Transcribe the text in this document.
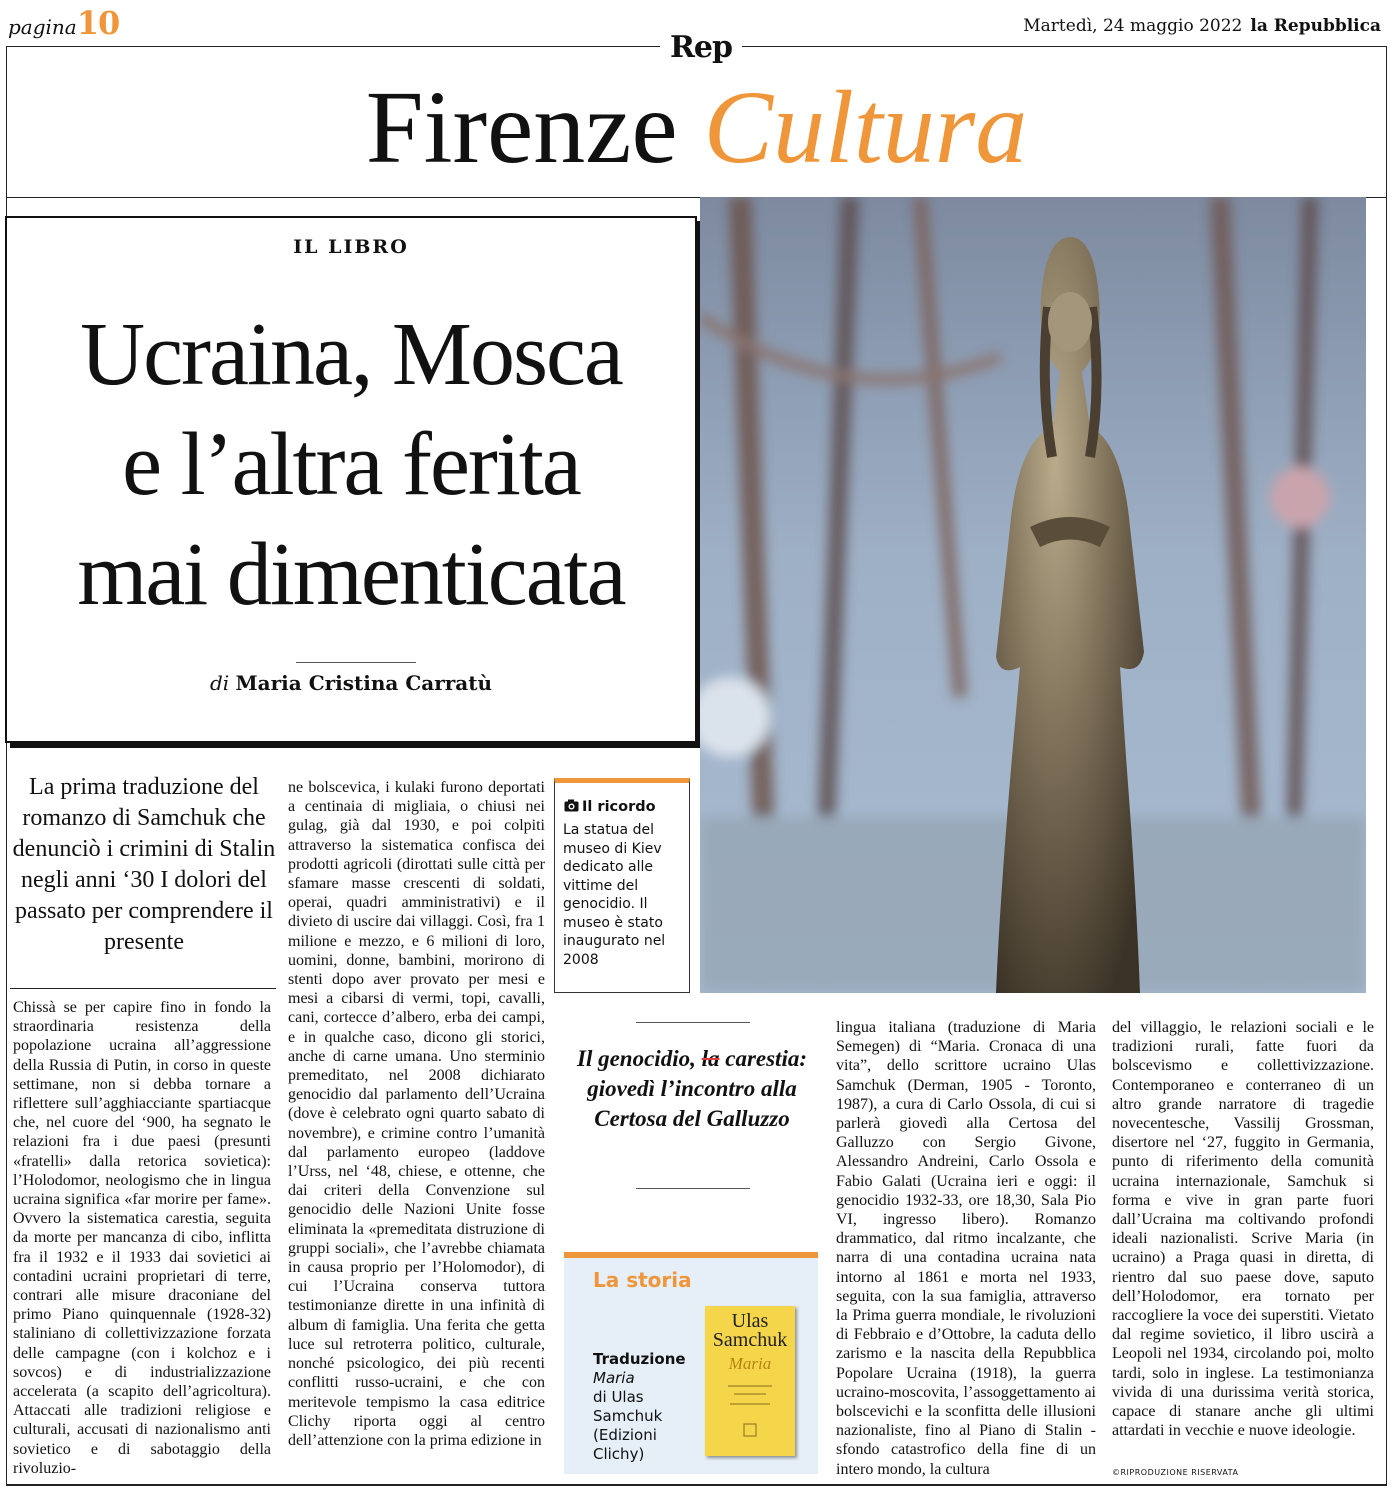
pagina10	Martedì, 24 maggio 2022 la Repubblica
Rep
Firenze Cultura
IL LIBRO
Ucraina, Mosca
e l’altra ferita
mai dimenticata
di Maria Cristina Carratù
La prima traduzione del romanzo di Samchuk che denunciò i crimini di Stalin negli anni ‘30 I dolori del passato per comprendere il presente
Il ricordo
La statua del museo di Kiev dedicato alle vittime del genocidio. Il museo è stato inaugurato nel 2008
Chissà se per capire fino in fondo la straordinaria resistenza della popolazione ucraina all’aggressione della Russia di Putin, in corso in queste settimane, non si debba tornare a riflettere sull’agghiacciante spartiacque che, nel cuore del ‘900, ha segnato le relazioni fra i due paesi (presunti «fratelli» dalla retorica sovietica): l’Holodomor, neologismo che in lingua ucraina significa «far morire per fame». Ovvero la sistematica carestia, seguita da morte per mancanza di cibo, inflitta fra il 1932 e il 1933 dai sovietici ai contadini ucraini proprietari di terre, contrari alle misure draconiane del primo Piano quinquennale (1928-32) staliniano di collettivizzazione forzata delle campagne (con i kolchoz e i sovcos) e di industrializzazione accelerata (a scapito dell’agricoltura). Attaccati alle tradizioni religiose e culturali, accusati di nazionalismo anti sovietico e di sabotaggio della rivoluzio-
ne bolscevica, i kulaki furono deportati a centinaia di migliaia, o chiusi nei gulag, già dal 1930, e poi colpiti attraverso la sistematica confisca dei prodotti agricoli (dirottati sulle città per sfamare masse crescenti di soldati, operai, quadri amministrativi) e il divieto di uscire dai villaggi. Così, fra 1 milione e mezzo, e 6 milioni di loro, uomini, donne, bambini, morirono di stenti dopo aver provato per mesi e mesi a cibarsi di vermi, topi, cavalli, cani, cortecce d’albero, erba dei campi, e in qualche caso, dicono gli storici, anche di carne umana. Uno sterminio premeditato, nel 2008 dichiarato genocidio dal parlamento dell’Ucraina (dove è celebrato ogni quarto sabato di novembre), e crimine contro l’umanità dal parlamento europeo (laddove l’Urss, nel ‘48, chiese, e ottenne, che dai criteri della Convenzione sul genocidio delle Nazioni Unite fosse eliminata la «premeditata distruzione di gruppi sociali», che l’avrebbe chiamata in causa proprio per l’Holomodor), di cui l’Ucraina conserva tuttora testimonianze dirette in una infinità di album di famiglia. Una ferita che getta luce sul retroterra politico, culturale, nonché psicologico, dei più recenti conflitti russo-ucraini, e che con meritevole tempismo la casa editrice Clichy riporta oggi al centro dell’attenzione con la prima edizione in
lingua italiana (traduzione di Maria Semegen) di “Maria. Cronaca di una vita”, dello scrittore ucraino Ulas Samchuk (Derman, 1905 - Toronto, 1987), a cura di Carlo Ossola, di cui si parlerà giovedì alla Certosa del Galluzzo con Sergio Givone, Alessandro Andreini, Carlo Ossola e Fabio Galati (Ucraina ieri e oggi: il genocidio 1932-33, ore 18,30, Sala Pio VI, ingresso libero). Romanzo drammatico, dal ritmo incalzante, che narra di una contadina ucraina nata intorno al 1861 e morta nel 1933, seguita, con la sua famiglia, attraverso la Prima guerra mondiale, le rivoluzioni di Febbraio e d’Ottobre, la caduta dello zarismo e la nascita della Repubblica Popolare Ucraina (1918), la guerra ucraino-moscovita, l’assoggettamento ai bolscevichi e la sconfitta delle illusioni nazionaliste, fino al Piano di Stalin - sfondo catastrofico della fine di un intero mondo, la cultura
del villaggio, le relazioni sociali e le tradizioni rurali, fatte fuori da bolscevismo e collettivizzazione. Contemporaneo e conterraneo di un altro grande narratore di tragedie novecentesche, Vassilij Grossman, disertore nel ‘27, fuggito in Germania, punto di riferimento della comunità ucraina internazionale, Samchuk si forma e vive in gran parte fuori dall’Ucraina ma coltivando profondi ideali nazionalisti. Scrive Maria (in ucraino) a Praga quasi in diretta, di rientro dal suo paese dove, saputo dell’Holodomor, era tornato per raccogliere la voce dei superstiti. Vietato dal regime sovietico, il libro uscirà a Leopoli nel 1934, circolando poi, molto tardi, solo in inglese. La testimonianza vivida di una durissima verità storica, capace di stanare anche gli ultimi attardati in vecchie e nuove ideologie.
Il genocidio, la carestia: giovedì l’incontro alla Certosa del Galluzzo
La storia
Traduzione
Maria
di Ulas Samchuk (Edizioni Clichy)
Ulas Samchuk
Maria
©RIPRODUZIONE RISERVATA
